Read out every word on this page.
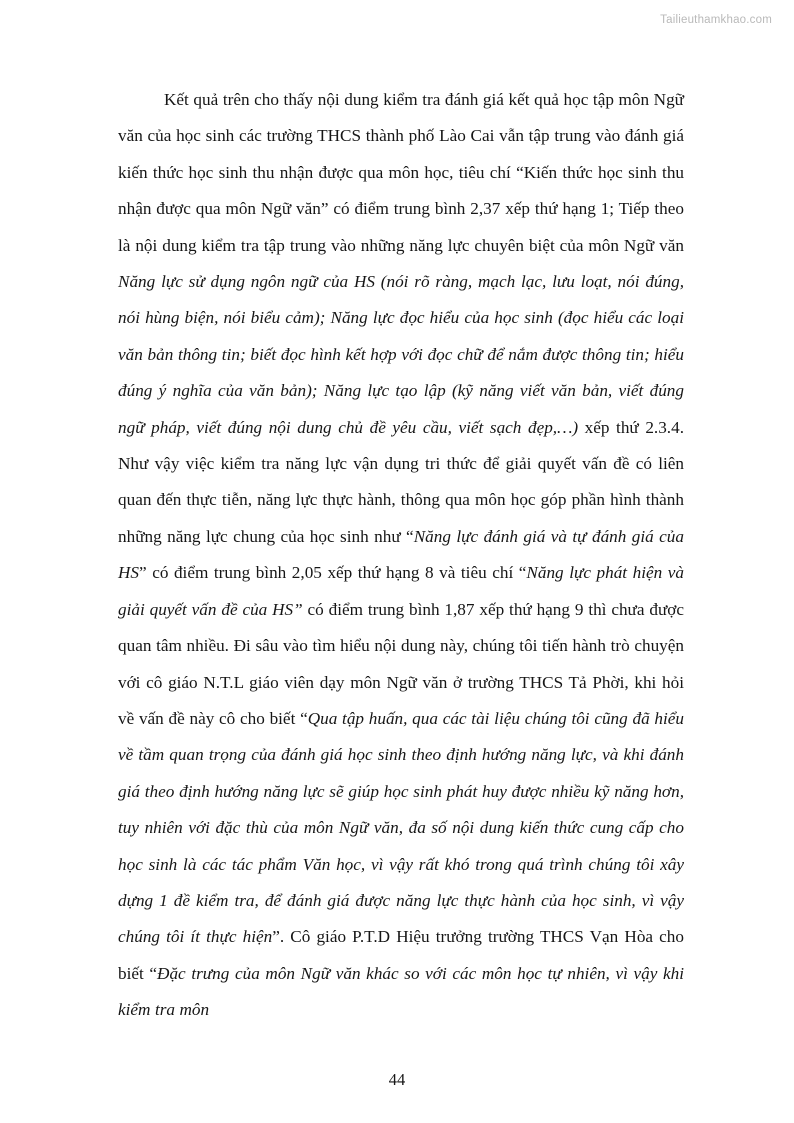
Tailieuthamkhao.com

Kết quả trên cho thấy nội dung kiểm tra đánh giá kết quả học tập môn Ngữ văn của học sinh các trường THCS thành phố Lào Cai vẫn tập trung vào đánh giá kiến thức học sinh thu nhận được qua môn học, tiêu chí “Kiến thức học sinh thu nhận được qua môn Ngữ văn” có điểm trung bình 2,37 xếp thứ hạng 1; Tiếp theo là nội dung kiểm tra tập trung vào những năng lực chuyên biệt của môn Ngữ văn Năng lực sử dụng ngôn ngữ của HS (nói rõ ràng, mạch lạc, lưu loạt, nói đúng, nói hùng biện, nói biểu cảm); Năng lực đọc hiểu của học sinh (đọc hiểu các loại văn bản thông tin; biết đọc hình kết hợp với đọc chữ để nắm được thông tin; hiểu đúng ý nghĩa của văn bản); Năng lực tạo lập (kỹ năng viết văn bản, viết đúng ngữ pháp, viết đúng nội dung chủ đề yêu cầu, viết sạch đẹp,…) xếp thứ 2.3.4. Như vậy việc kiểm tra năng lực vận dụng tri thức để giải quyết vấn đề có liên quan đến thực tiễn, năng lực thực hành, thông qua môn học góp phần hình thành những năng lực chung của học sinh như “Năng lực đánh giá và tự đánh giá của HS” có điểm trung bình 2,05 xếp thứ hạng 8 và tiêu chí “Năng lực phát hiện và giải quyết vấn đề của HS” có điểm trung bình 1,87 xếp thứ hạng 9 thì chưa được quan tâm nhiều. Đi sâu vào tìm hiểu nội dung này, chúng tôi tiến hành trò chuyện với cô giáo N.T.L giáo viên dạy môn Ngữ văn ở trường THCS Tả Phời, khi hỏi về vấn đề này cô cho biết “Qua tập huấn, qua các tài liệu chúng tôi cũng đã hiểu về tầm quan trọng của đánh giá học sinh theo định hướng năng lực, và khi đánh giá theo định hướng năng lực sẽ giúp học sinh phát huy được nhiều kỹ năng hơn, tuy nhiên với đặc thù của môn Ngữ văn, đa số nội dung kiến thức cung cấp cho học sinh là các tác phẩm Văn học, vì vậy rất khó trong quá trình chúng tôi xây dựng 1 đề kiểm tra, để đánh giá được năng lực thực hành của học sinh, vì vậy chúng tôi ít thực hiện”. Cô giáo P.T.D Hiệu trưởng trường THCS Vạn Hòa cho biết “Đặc trưng của môn Ngữ văn khác so với các môn học tự nhiên, vì vậy khi kiểm tra môn

44
